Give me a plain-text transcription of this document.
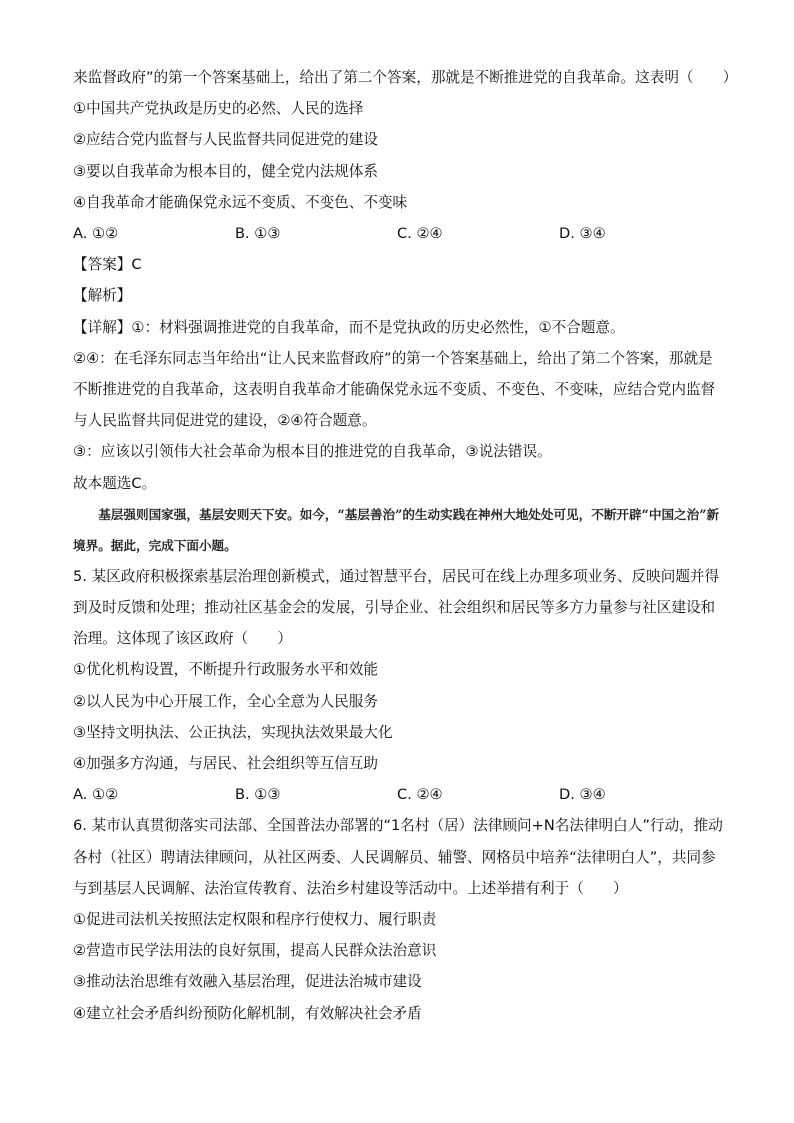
来监督政府”的第一个答案基础上，给出了第二个答案，那就是不断推进党的自我革命。这表明（　　）
①中国共产党执政是历史的必然、人民的选择
②应结合党内监督与人民监督共同促进党的建设
③要以自我革命为根本目的，健全党内法规体系
④自我革命才能确保党永远不变质、不变色、不变味
A. ①②	B. ①③	C. ②④	D. ③④
【答案】C
【解析】
【详解】①：材料强调推进党的自我革命，而不是党执政的历史必然性，①不合题意。
②④：在毛泽东同志当年给出“让人民来监督政府”的第一个答案基础上，给出了第二个答案，那就是不断推进党的自我革命，这表明自我革命才能确保党永远不变质、不变色、不变味，应结合党内监督与人民监督共同促进党的建设，②④符合题意。
③：应该以引领伟大社会革命为根本目的推进党的自我革命，③说法错误。
故本题选C。
基层强则国家强，基层安则天下安。如今，“基层善治”的生动实践在神州大地处处可见，不断开辟“中国之治”新境界。据此，完成下面小题。
5. 某区政府积极探索基层治理创新模式，通过智慧平台，居民可在线上办理多项业务、反映问题并得到及时反馈和处理；推动社区基金会的发展，引导企业、社会组织和居民等多方力量参与社区建设和治理。这体现了该区政府（　　）
①优化机构设置，不断提升行政服务水平和效能
②以人民为中心开展工作，全心全意为人民服务
③坚持文明执法、公正执法，实现执法效果最大化
④加强多方沟通，与居民、社会组织等互信互助
A. ①②	B. ①③	C. ②④	D. ③④
6. 某市认真贯彻落实司法部、全国普法办部署的“1名村（居）法律顾问+N名法律明白人”行动，推动各村（社区）聘请法律顾问，从社区两委、人民调解员、辅警、网格员中培养“法律明白人”，共同参与到基层人民调解、法治宣传教育、法治乡村建设等活动中。上述举措有利于（　　）
①促进司法机关按照法定权限和程序行使权力、履行职责
②营造市民学法用法的良好氛围，提高人民群众法治意识
③推动法治思维有效融入基层治理，促进法治城市建设
④建立社会矛盾纠纷预防化解机制，有效解决社会矛盾
